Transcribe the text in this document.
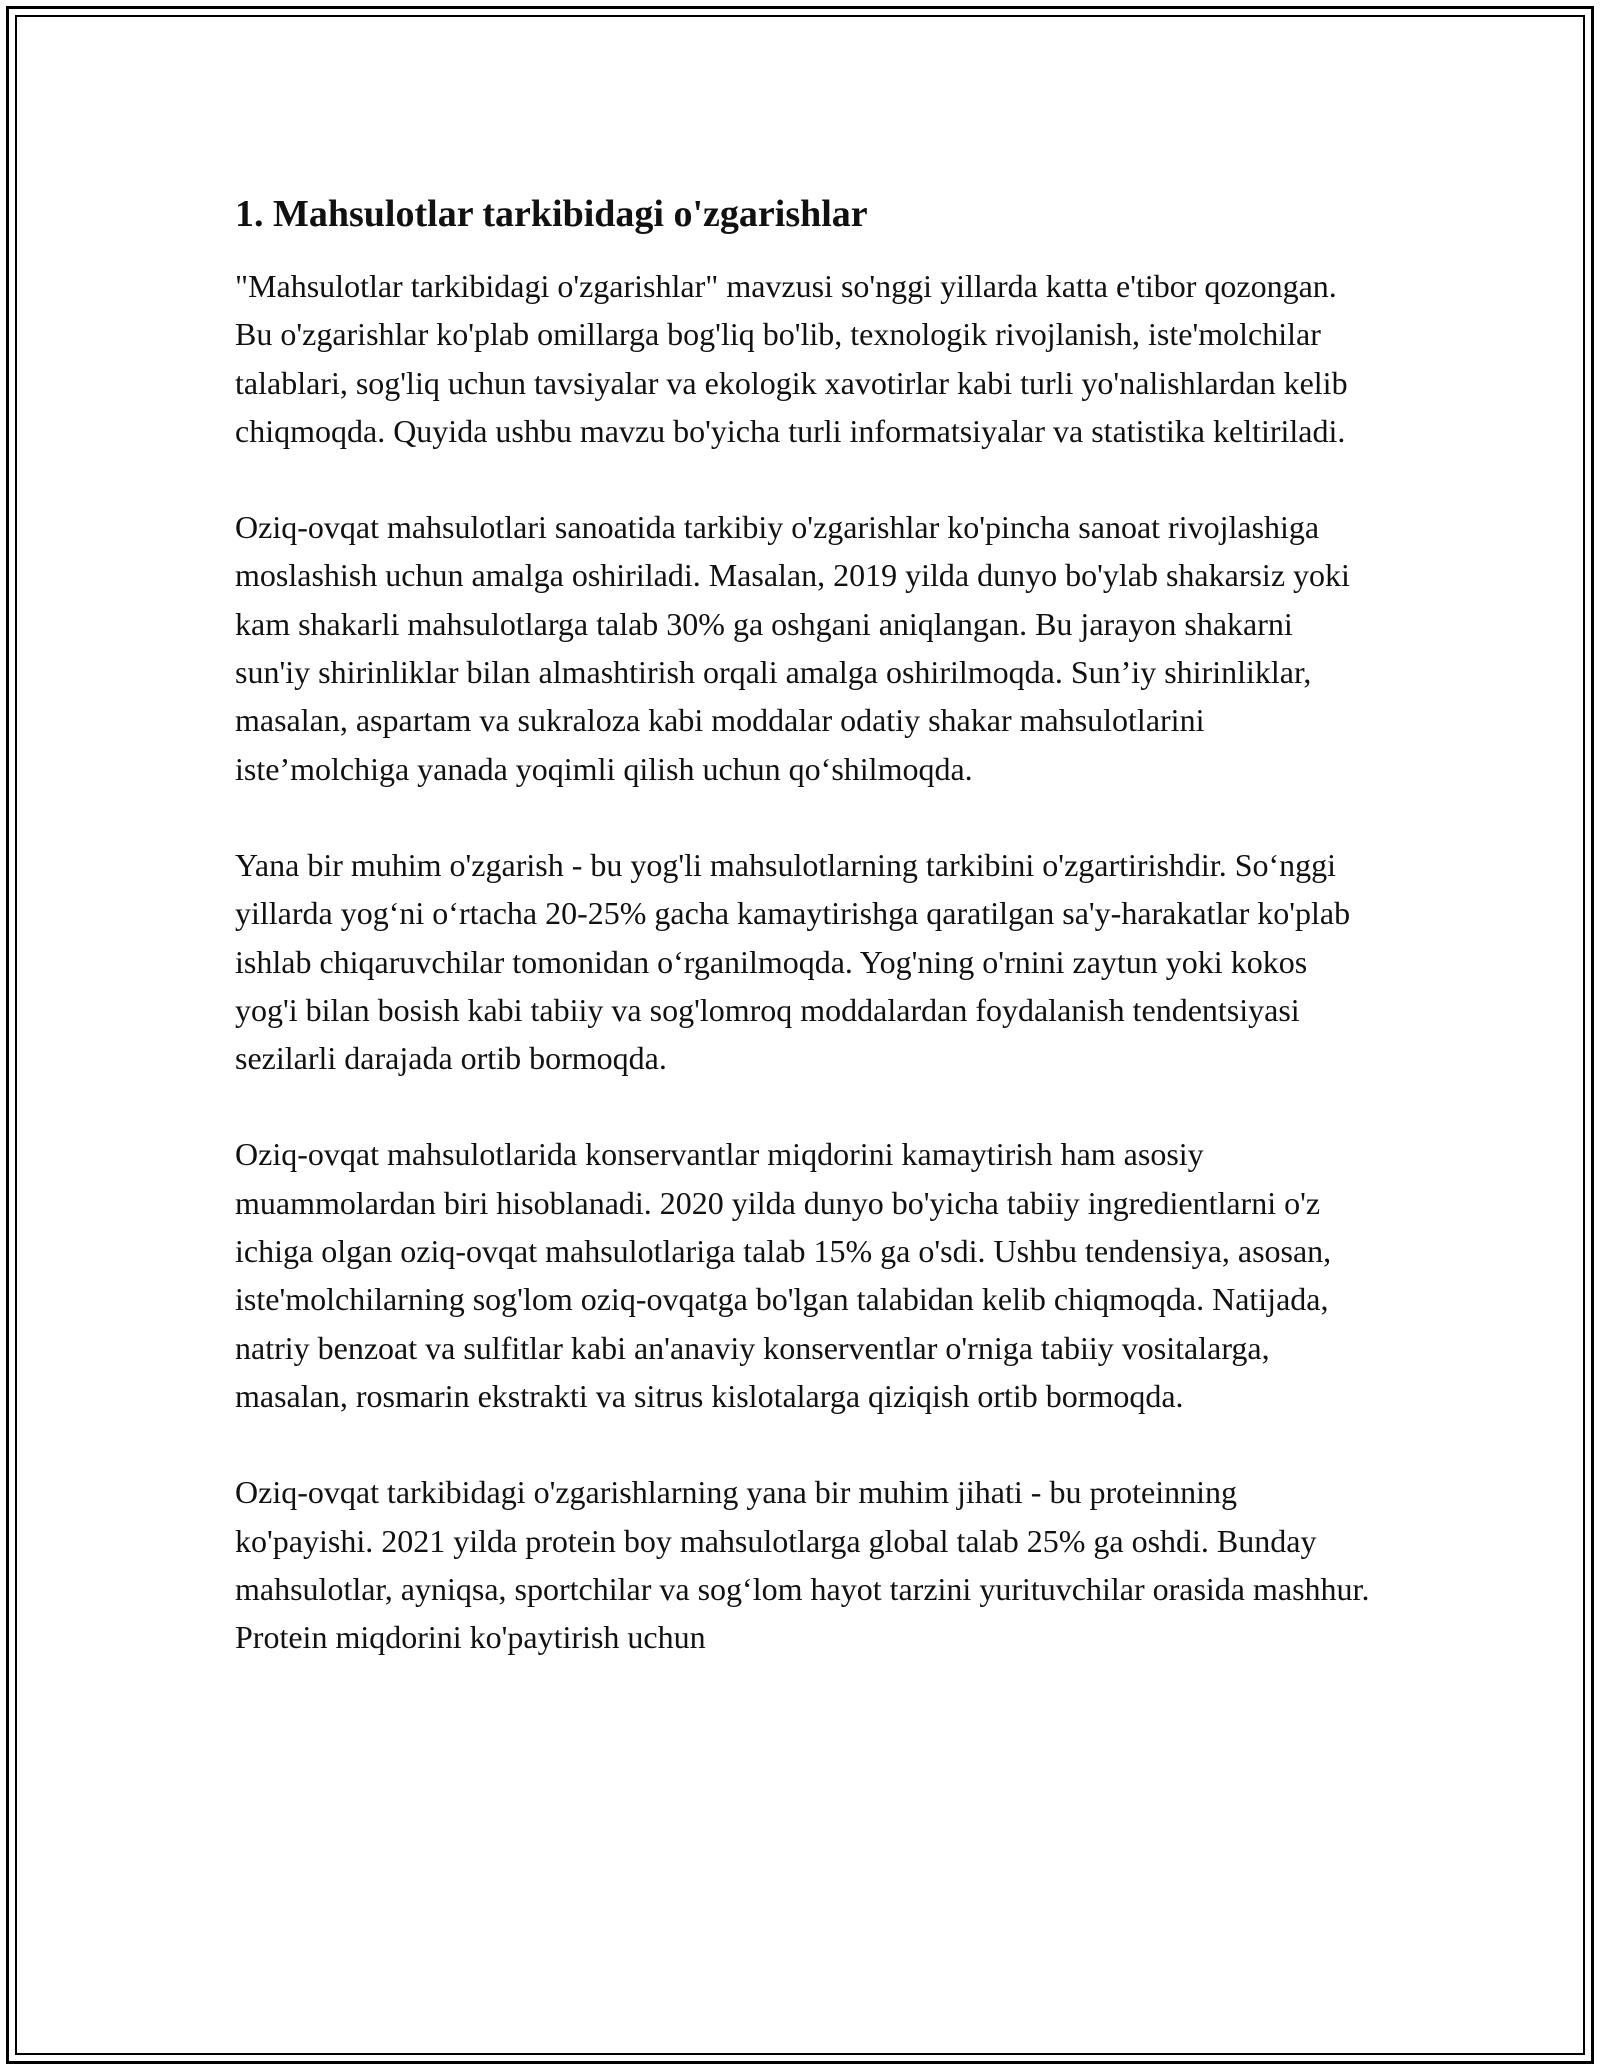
1. Mahsulotlar tarkibidagi o'zgarishlar

"Mahsulotlar tarkibidagi o'zgarishlar" mavzusi so'nggi yillarda katta e'tibor qozongan. Bu o'zgarishlar ko'plab omillarga bog'liq bo'lib, texnologik rivojlanish, iste'molchilar talablari, sog'liq uchun tavsiyalar va ekologik xavotirlar kabi turli yo'nalishlardan kelib chiqmoqda. Quyida ushbu mavzu bo'yicha turli informatsiyalar va statistika keltiriladi.

Oziq-ovqat mahsulotlari sanoatida tarkibiy o'zgarishlar ko'pincha sanoat rivojlashiga moslashish uchun amalga oshiriladi. Masalan, 2019 yilda dunyo bo'ylab shakarsiz yoki kam shakarli mahsulotlarga talab 30% ga oshgani aniqlangan. Bu jarayon shakarni sun'iy shirinliklar bilan almashtirish orqali amalga oshirilmoqda. Sun’iy shirinliklar, masalan, aspartam va sukraloza kabi moddalar odatiy shakar mahsulotlarini iste’molchiga yanada yoqimli qilish uchun qo‘shilmoqda.

Yana bir muhim o'zgarish - bu yog'li mahsulotlarning tarkibini o'zgartirishdir. So‘nggi yillarda yog‘ni o‘rtacha 20-25% gacha kamaytirishga qaratilgan sa'y-harakatlar ko'plab ishlab chiqaruvchilar tomonidan o‘rganilmoqda. Yog'ning o'rnini zaytun yoki kokos yog'i bilan bosish kabi tabiiy va sog'lomroq moddalardan foydalanish tendentsiyasi sezilarli darajada ortib bormoqda.

Oziq-ovqat mahsulotlarida konservantlar miqdorini kamaytirish ham asosiy muammolardan biri hisoblanadi. 2020 yilda dunyo bo'yicha tabiiy ingredientlarni o'z ichiga olgan oziq-ovqat mahsulotlariga talab 15% ga o'sdi. Ushbu tendensiya, asosan, iste'molchilarning sog'lom oziq-ovqatga bo'lgan talabidan kelib chiqmoqda. Natijada, natriy benzoat va sulfitlar kabi an'anaviy konserventlar o'rniga tabiiy vositalarga, masalan, rosmarin ekstrakti va sitrus kislotalarga qiziqish ortib bormoqda.

Oziq-ovqat tarkibidagi o'zgarishlarning yana bir muhim jihati - bu proteinning ko'payishi. 2021 yilda protein boy mahsulotlarga global talab 25% ga oshdi. Bunday mahsulotlar, ayniqsa, sportchilar va sog‘lom hayot tarzini yurituvchilar orasida mashhur. Protein miqdorini ko'paytirish uchun
